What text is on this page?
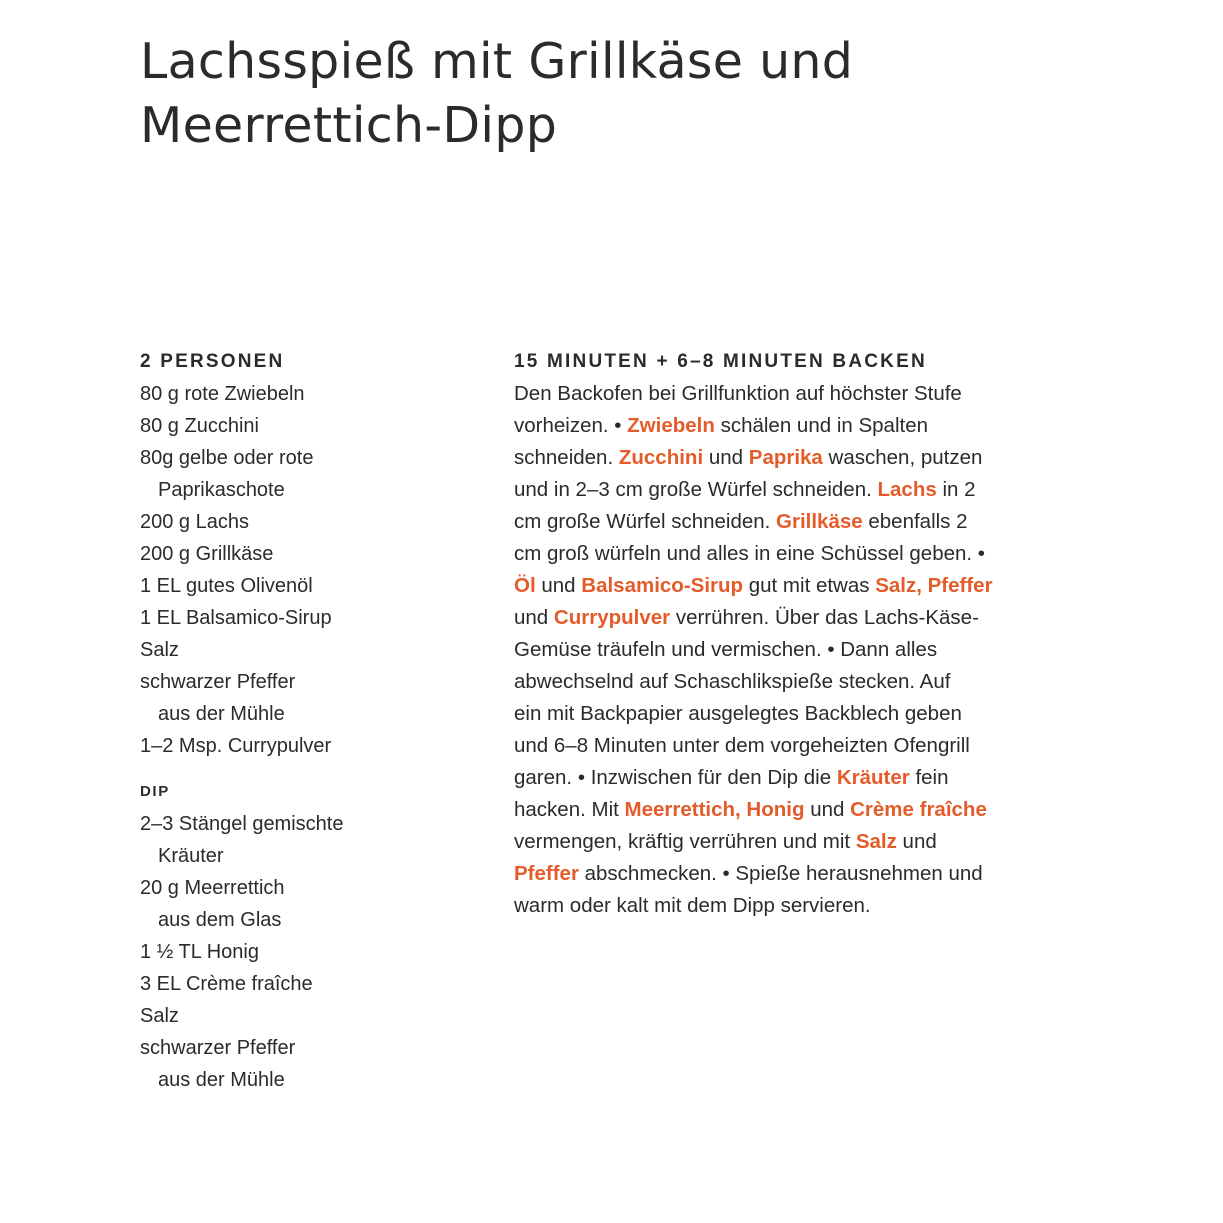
Lachsspieß mit Grillkäse und
Meerrettich-Dipp
2 PERSONEN
80 g rote Zwiebeln
80 g Zucchini
80g gelbe oder rote
Paprikaschote
200 g Lachs
200 g Grillkäse
1 EL gutes Olivenöl
1 EL Balsamico-Sirup
Salz
schwarzer Pfeffer
aus der Mühle
1–2 Msp. Currypulver
DIP
2–3 Stängel gemischte
Kräuter
20 g Meerrettich
aus dem Glas
1 ½ TL Honig
3 EL Crème fraîche
Salz
schwarzer Pfeffer
aus der Mühle
15 MINUTEN + 6–8 MINUTEN BACKEN

Den Backofen bei Grillfunktion auf höchster Stufe
vorheizen. • Zwiebeln schälen und in Spalten
schneiden. Zucchini und Paprika waschen, putzen
und in 2–3 cm große Würfel schneiden. Lachs in 2
cm große Würfel schneiden. Grillkäse ebenfalls 2
cm groß würfeln und alles in eine Schüssel geben. •
Öl und Balsamico-Sirup gut mit etwas Salz, Pfeffer
und Currypulver verrühren. Über das Lachs-Käse-
Gemüse träufeln und vermischen. • Dann alles
abwechselnd auf Schaschlikspieße stecken. Auf
ein mit Backpapier ausgelegtes Backblech geben
und 6–8 Minuten unter dem vorgeheizten Ofengrill
garen. • Inzwischen für den Dip die Kräuter fein
hacken. Mit Meerrettich, Honig und Crème fraîche
vermengen, kräftig verrühren und mit Salz und
Pfeffer abschmecken. • Spieße herausnehmen und
warm oder kalt mit dem Dipp servieren.
